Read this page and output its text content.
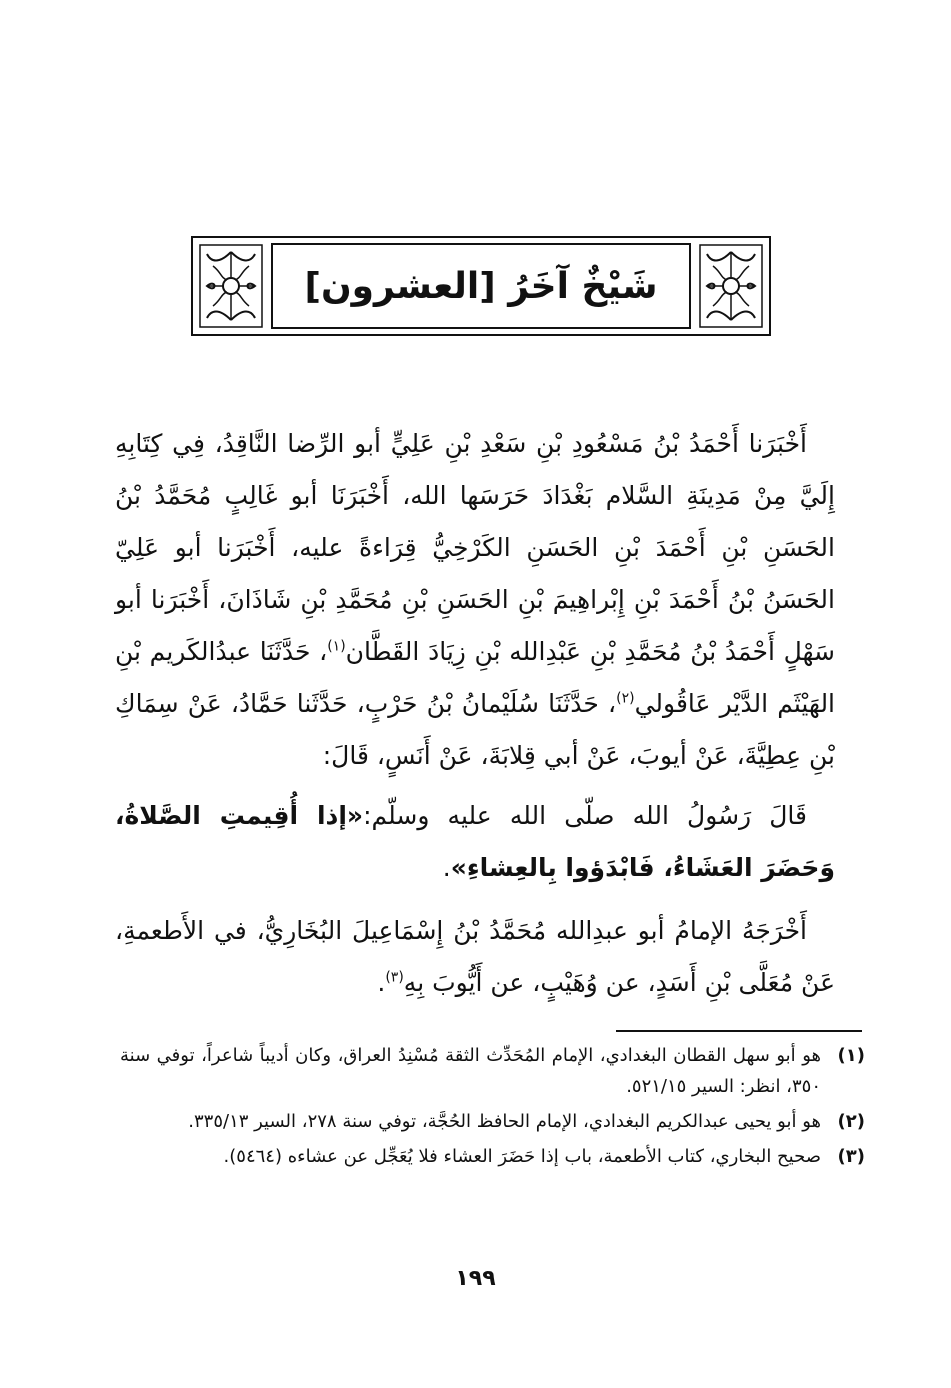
شَيْخٌ آخَرُ [العشرون]

أَخْبَرَنا أَحْمَدُ بْنُ مَسْعُودِ بْنِ سَعْدِ بْنِ عَلِيٍّ أبو الرِّضا النَّاقِدُ، فِي كِتَابِهِ إِلَيَّ مِنْ مَدِينَةِ السَّلام بَغْدَادَ حَرَسَها الله، أَخْبَرَنَا أبو غَالِبٍ مُحَمَّدُ بْنُ الحَسَنِ بْنِ أَحْمَدَ بْنِ الحَسَنِ الكَرْخِيُّ قِرَاءةً عليه، أَخْبَرَنا أبو عَلِيّ الحَسَنُ بْنُ أَحْمَدَ بْنِ إِبْراهِيمَ بْنِ الحَسَنِ بْنِ مُحَمَّدِ بْنِ شَاذَانَ، أَخْبَرَنا أبو سَهْلٍ أَحْمَدُ بْنُ مُحَمَّدِ بْنِ عَبْدِالله بْنِ زِيَادَ القَطَّان$^{(١)}$، حَدَّثَنَا عبدُالكَريم بْنِ الهَيْثَم الدَّيْر عَاقُولي$^{(٢)}$، حَدَّثَنَا سُلَيْمانُ بْنُ حَرْبٍ، حَدَّثَنا حَمَّادُ، عَنْ سِمَاكِ بْنِ عِطِيَّةَ، عَنْ أيوبَ، عَنْ أبي قِلابَةَ، عَنْ أَنَسٍ، قَالَ:

قَالَ رَسُولُ الله صلّى الله عليه وسلّم:«إذا أُقِيمتِ الصَّلاةُ، وَحَضَرَ العَشَاءُ، فَابْدَؤوا بِالعِشاءِ».

أَخْرَجَهُ الإمامُ أبو عبدِالله مُحَمَّدُ بْنُ إِسْمَاعِيلَ البُخَارِيُّ، في الأَطعمةِ، عَنْ مُعَلَّى بْنِ أَسَدٍ، عن وُهَيْبٍ، عن أَيُّوبَ بِهِ$^{(٣)}$.

(١)
هو أبو سهل القطان البغدادي، الإمام المُحَدِّث الثقة مُسْنِدُ العراق، وكان أديباً شاعراً، توفي سنة ٣٥٠، انظر: السير ٥٢١/١٥.
(٢)
هو أبو يحيى عبدالكريم البغدادي، الإمام الحافظ الحُجَّة، توفي سنة ٢٧٨، السير ٣٣٥/١٣.
(٣)
صحيح البخاري، كتاب الأطعمة، باب إذا حَضَرَ العشاء فلا يُعَجِّل عن عشاءه (٥٤٦٤).
١٩٩
